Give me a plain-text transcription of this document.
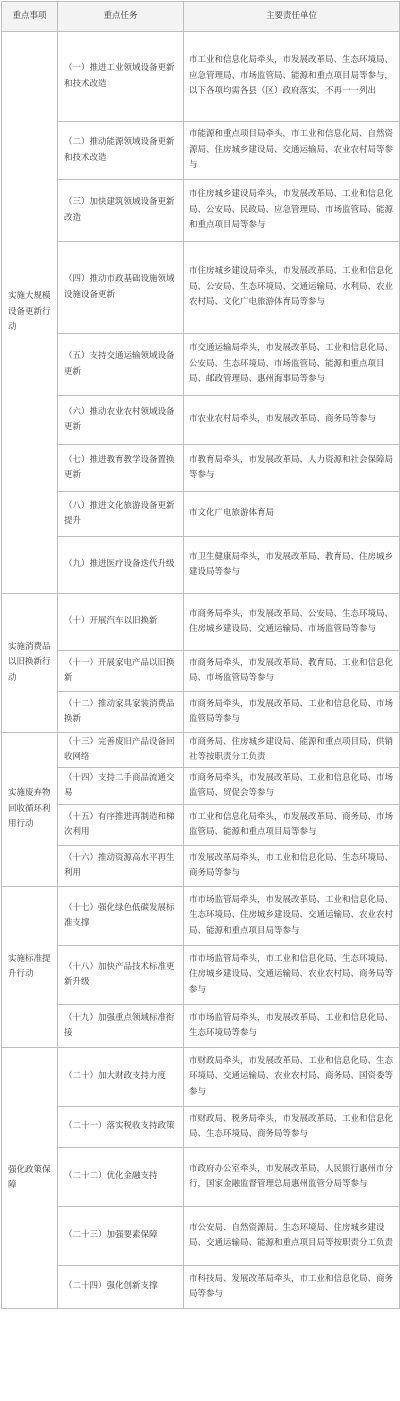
重点事项	重点任务	主要责任单位
实施大规模设备更新行动	（一）推进工业领域设备更新和技术改造	市工业和信息化局牵头，市发展改革局、生态环境局、应急管理局、市场监管局、能源和重点项目局等参与，以下各项均需各县（区）政府落实，不再一一列出
	（二）推动能源领域设备更新和技术改造	市能源和重点项目局牵头，市工业和信息化局、自然资源局、住房城乡建设局、交通运输局、农业农村局等参与
	（三）加快建筑领域设备更新改造	市住房城乡建设局牵头，市发展改革局、工业和信息化局、公安局、民政局、应急管理局、市场监管局、能源和重点项目局等参与
	（四）推动市政基础设施领域设施设备更新	市住房城乡建设局牵头，市发展改革局、工业和信息化局、公安局、生态环境局、交通运输局、水利局、农业农村局、文化广电旅游体育局等参与
	（五）支持交通运输领域设备更新	市交通运输局牵头，市发展改革局、工业和信息化局、公安局、生态环境局、市场监管局、能源和重点项目局、邮政管理局、惠州海事局等参与
	（六）推动农业农村领域设备更新	市农业农村局牵头，市发展改革局、商务局等参与
	（七）推进教育教学设备置换更新	市教育局牵头，市发展改革局、人力资源和社会保障局等参与
	（八）推进文化旅游设备更新提升	市文化广电旅游体育局
	（九）推进医疗设备迭代升级	市卫生健康局牵头，市发展改革局、教育局、住房城乡建设局等参与
实施消费品以旧换新行动	（十）开展汽车以旧换新	市商务局牵头，市发展改革局、公安局、生态环境局、住房城乡建设局、交通运输局、市场监管局等参与
	（十一）开展家电产品以旧换新	市商务局牵头，市发展改革局、教育局、工业和信息化局、市场监管局等参与
	（十二）推动家具家装消费品换新	市商务局牵头，市发展改革局、工业和信息化局、市场监管局等参与
实施废弃物回收循环利用行动	（十三）完善废旧产品设备回收网络	市商务局、住房城乡建设局、能源和重点项目局、供销社等按职责分工负责
	（十四）支持二手商品流通交易	市商务局牵头，市发展改革局、工业和信息化局、市场监管局、贸促会等参与
	（十五）有序推进再制造和梯次利用	市工业和信息化局牵头，市发展改革局、商务局、市场监管局、能源和重点项目局等参与
	（十六）推动资源高水平再生利用	市发展改革局牵头，市工业和信息化局、生态环境局、商务局等参与
实施标准提升行动	（十七）强化绿色低碳发展标准支撑	市市场监管局牵头，市发展改革局、工业和信息化局、生态环境局、住房城乡建设局、交通运输局、农业农村局、能源和重点项目局等参与
	（十八）加快产品技术标准更新升级	市市场监管局牵头，市工业和信息化局、生态环境局、住房城乡建设局、交通运输局、农业农村局、商务局等参与
	（十九）加强重点领域标准衔接	市市场监管局牵头，市发展改革局、工业和信息化局、生态环境局等参与
强化政策保障	（二十）加大财政支持力度	市财政局牵头，市发展改革局、工业和信息化局、生态环境局、交通运输局、农业农村局、商务局、国资委等参与
	（二十一）落实税收支持政策	市财政局、税务局牵头，市发展改革局、工业和信息化局、生态环境局、商务局等参与
	（二十二）优化金融支持	市政府办公室牵头，市发展改革局，人民银行惠州市分行，国家金融监督管理总局惠州监管分局等参与
	（二十三）加强要素保障	市公安局、自然资源局、生态环境局、住房城乡建设局、交通运输局、能源和重点项目局等按职责分工负责
	（二十四）强化创新支撑	市科技局、发展改革局牵头，市工业和信息化局、商务局等参与
